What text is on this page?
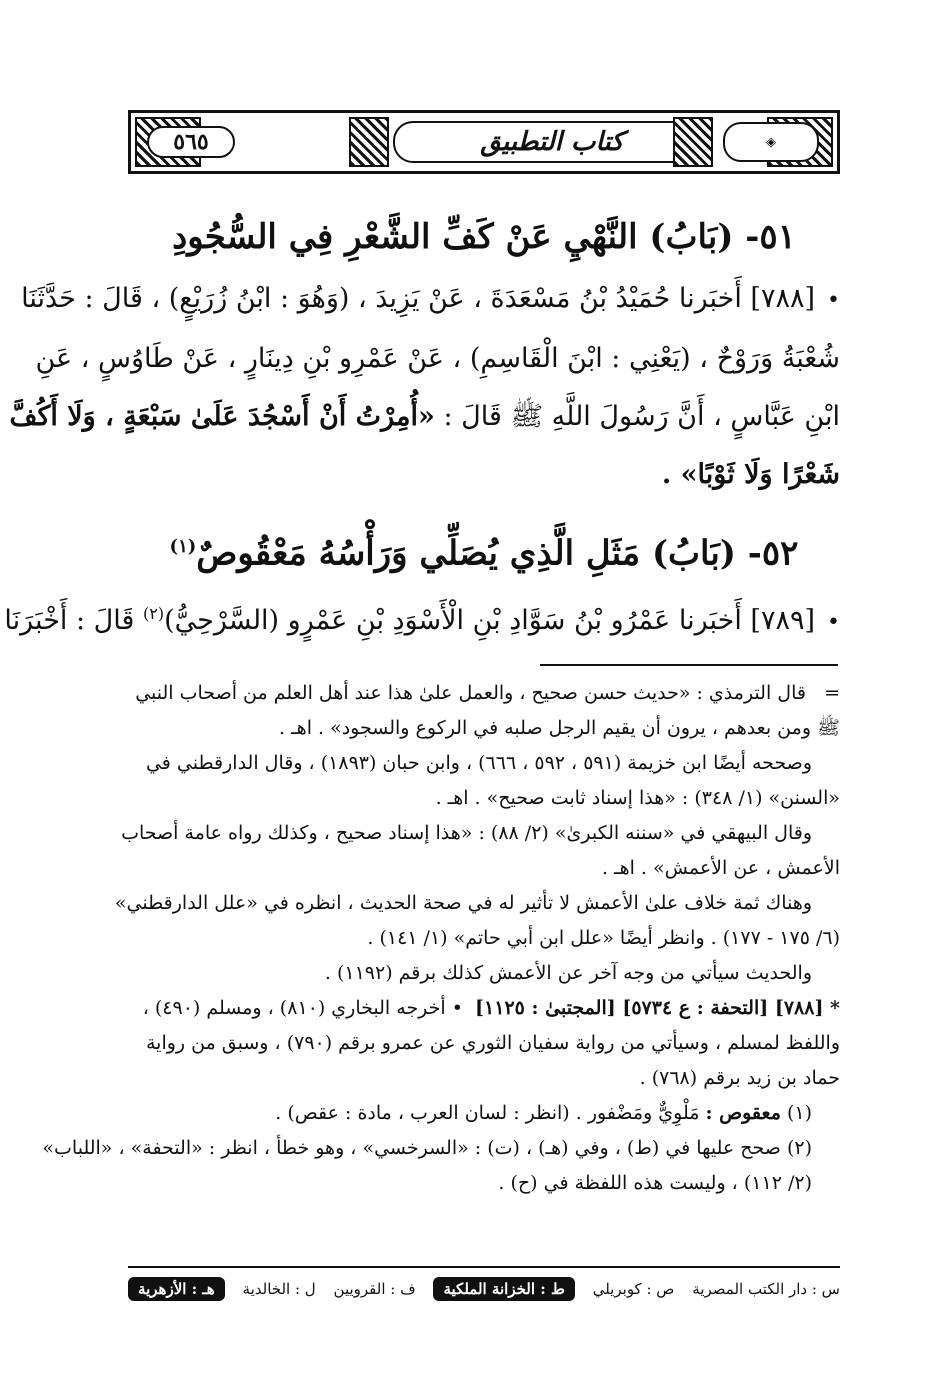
٥٦٥	كتاب التطبيق	◈
٥١- (بَابُ) النَّهْيِ عَنْ كَفِّ الشَّعْرِ فِي السُّجُودِ
•[٧٨٨] أَخبَرنا حُمَيْدُ بْنُ مَسْعَدَةَ ، عَنْ يَزِيدَ ، (وَهُوَ : ابْنُ زُرَيْعٍ) ، قَالَ : حَدَّثَنَا
شُعْبَةُ وَرَوْحٌ ، (يَعْنِي : ابْنَ الْقَاسِمِ) ، عَنْ عَمْرِو بْنِ دِينَارٍ ، عَنْ طَاوُسٍ ، عَنِ
ابْنِ عَبَّاسٍ ، أَنَّ رَسُولَ اللَّهِ ﷺ قَالَ : «أُمِرْتُ أَنْ أَسْجُدَ عَلَىٰ سَبْعَةٍ ، وَلَا أَكُفَّ
شَعْرًا وَلَا ثَوْبًا» .
٥٢- (بَابُ) مَثَلِ الَّذِي يُصَلِّي وَرَأْسُهُ مَعْقُوصٌ$^{(١)}$
•[٧٨٩] أَخبَرنا عَمْرُو بْنُ سَوَّادِ بْنِ الْأَسْوَدِ بْنِ عَمْرٍو (السَّرْحِيُّ)$^{(٢)}$ قَالَ : أَخْبَرَنَا
=   قال الترمذي : «حديث حسن صحيح ، والعمل علىٰ هذا عند أهل العلم من أصحاب النبي
ﷺ ومن بعدهم ، يرون أن يقيم الرجل صلبه في الركوع والسجود» . اهـ .
وصححه أيضًا ابن خزيمة (٥٩١ ، ٥٩٢ ، ٦٦٦) ، وابن حبان (١٨٩٣) ، وقال الدارقطني في
«السنن» (١/ ٣٤٨) : «هذا إسناد ثابت صحيح» . اهـ .
وقال البيهقي في «سننه الكبرىٰ» (٢/ ٨٨) : «هذا إسناد صحيح ، وكذلك رواه عامة أصحاب
الأعمش ، عن الأعمش» . اهـ .
وهناك ثمة خلاف علىٰ الأعمش لا تأثير له في صحة الحديث ، انظره في «علل الدارقطني»
(٦/ ١٧٥ - ١٧٧) . وانظر أيضًا «علل ابن أبي حاتم» (١/ ١٤١) .
والحديث سيأتي من وجه آخر عن الأعمش كذلك برقم (١١٩٢) .
* [٧٨٨] [التحفة : ع ٥٧٣٤] [المجتبىٰ : ١١٢٥]  • أخرجه البخاري (٨١٠) ، ومسلم (٤٩٠) ،
واللفظ لمسلم ، وسيأتي من رواية سفيان الثوري عن عمرو برقم (٧٩٠) ، وسبق من رواية
حماد بن زيد برقم (٧٦٨) .
(١) معقوص : مَلْوِيٌّ ومَضْفور . (انظر : لسان العرب ، مادة : عقص) .
(٢) صحح عليها في (ط) ، وفي (هـ) ، (ت) : «السرخسي» ، وهو خطأ ، انظر : «التحفة» ، «اللباب»
(٢/ ١١٢) ، وليست هذه اللفظة في (ح) .
س : دار الكتب المصرية
ص : كوبريلي
ط : الخزانة الملكية
ف : القرويين
ل : الخالدية
هـ : الأزهرية
